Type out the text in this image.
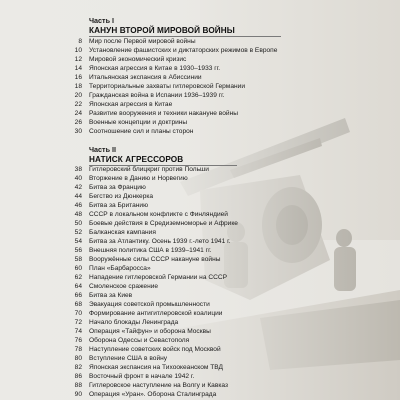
Часть I
КАНУН ВТОРОЙ МИРОВОЙ ВОЙНЫ
8 Мир после Первой мировой войны
10 Установление фашистских и диктаторских режимов в Европе
12 Мировой экономический кризис
14 Японская агрессия в Китае в 1930–1933 гг.
16 Итальянская экспансия в Абиссинии
18 Территориальные захваты гитлеровской Германии
20 Гражданская война в Испании 1936–1939 гг.
22 Японская агрессия в Китае
24 Развитие вооружения и техники накануне войны
26 Военные концепции и доктрины
30 Соотношение сил и планы сторон
Часть II
НАТИСК АГРЕССОРОВ
38 Гитлеровский блицкриг против Польши
40 Вторжение в Данию и Норвегию
42 Битва за Францию
44 Бегство из Дюнкерка
46 Битва за Британию
48 СССР в локальном конфликте с Финляндией
50 Боевые действия в Средиземноморье и Африке
52 Балканская кампания
54 Битва за Атлантику. Осень 1939 г.-лето 1941 г.
56 Внешняя политика США в 1939–1941 гг.
58 Вооружённые силы СССР накануне войны
60 План «Барбаросса»
62 Нападение гитлеровской Германии на СССР
64 Смоленское сражение
66 Битва за Киев
68 Эвакуация советской промышленности
70 Формирование антигитлеровской коалиции
72 Начало блокады Ленинграда
74 Операция «Тайфун» и оборона Москвы
76 Оборона Одессы и Севастополя
78 Наступление советских войск под Москвой
80 Вступление США в войну
82 Японская экспансия на Тихоокеанском ТВД
86 Восточный фронт в начале 1942 г.
88 Гитлеровское наступление на Волгу и Кавказ
90 Операция «Уран». Оборона Сталинграда
